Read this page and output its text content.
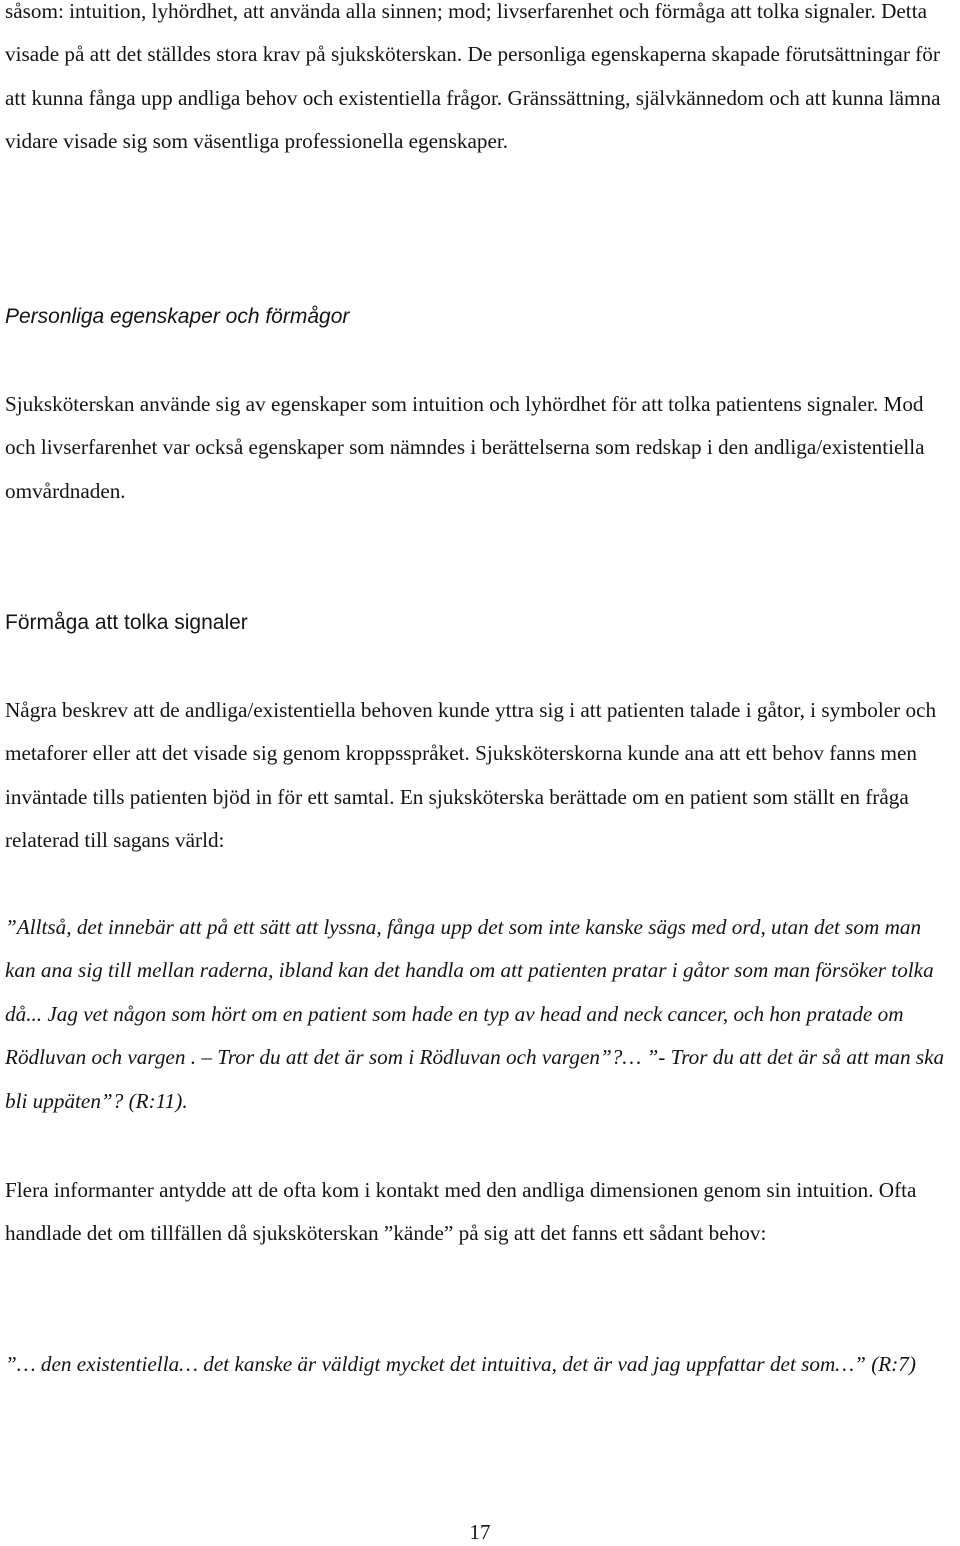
såsom: intuition, lyhördhet, att använda alla sinnen; mod; livserfarenhet och förmåga att tolka signaler. Detta visade på att det ställdes stora krav på sjuksköterskan. De personliga egenskaperna skapade förutsättningar för att kunna fånga upp andliga behov och existentiella frågor. Gränssättning, självkännedom och att kunna lämna vidare visade sig som väsentliga professionella egenskaper.

Personliga egenskaper och förmågor

Sjuksköterskan använde sig av egenskaper som intuition och lyhördhet för att tolka patientens signaler. Mod och livserfarenhet var också egenskaper som nämndes i berättelserna som redskap i den andliga/existentiella omvårdnaden.

Förmåga att tolka signaler

Några beskrev att de andliga/existentiella behoven kunde yttra sig i att patienten talade i gåtor, i symboler och metaforer eller att det visade sig genom kroppsspråket. Sjuksköterskorna kunde ana att ett behov fanns men inväntade tills patienten bjöd in för ett samtal. En sjuksköterska berättade om en patient som ställt en fråga relaterad till sagans värld:

”Alltså, det innebär att på ett sätt att lyssna, fånga upp det som inte kanske sägs med ord, utan det som man kan ana sig till mellan raderna, ibland kan det handla om att patienten pratar i gåtor som man försöker tolka då... Jag vet någon som hört om en patient som hade en typ av head and neck cancer, och hon pratade om Rödluvan och vargen . – Tror du att det är som i Rödluvan och vargen”?… ”- Tror du att det är så att man ska bli uppäten”? (R:11).

Flera informanter antydde att de ofta kom i kontakt med den andliga dimensionen genom sin intuition. Ofta handlade det om tillfällen då sjuksköterskan ”kände” på sig att det fanns ett sådant behov:

”… den existentiella… det kanske är väldigt mycket det intuitiva, det är vad jag uppfattar det som…” (R:7)

17
